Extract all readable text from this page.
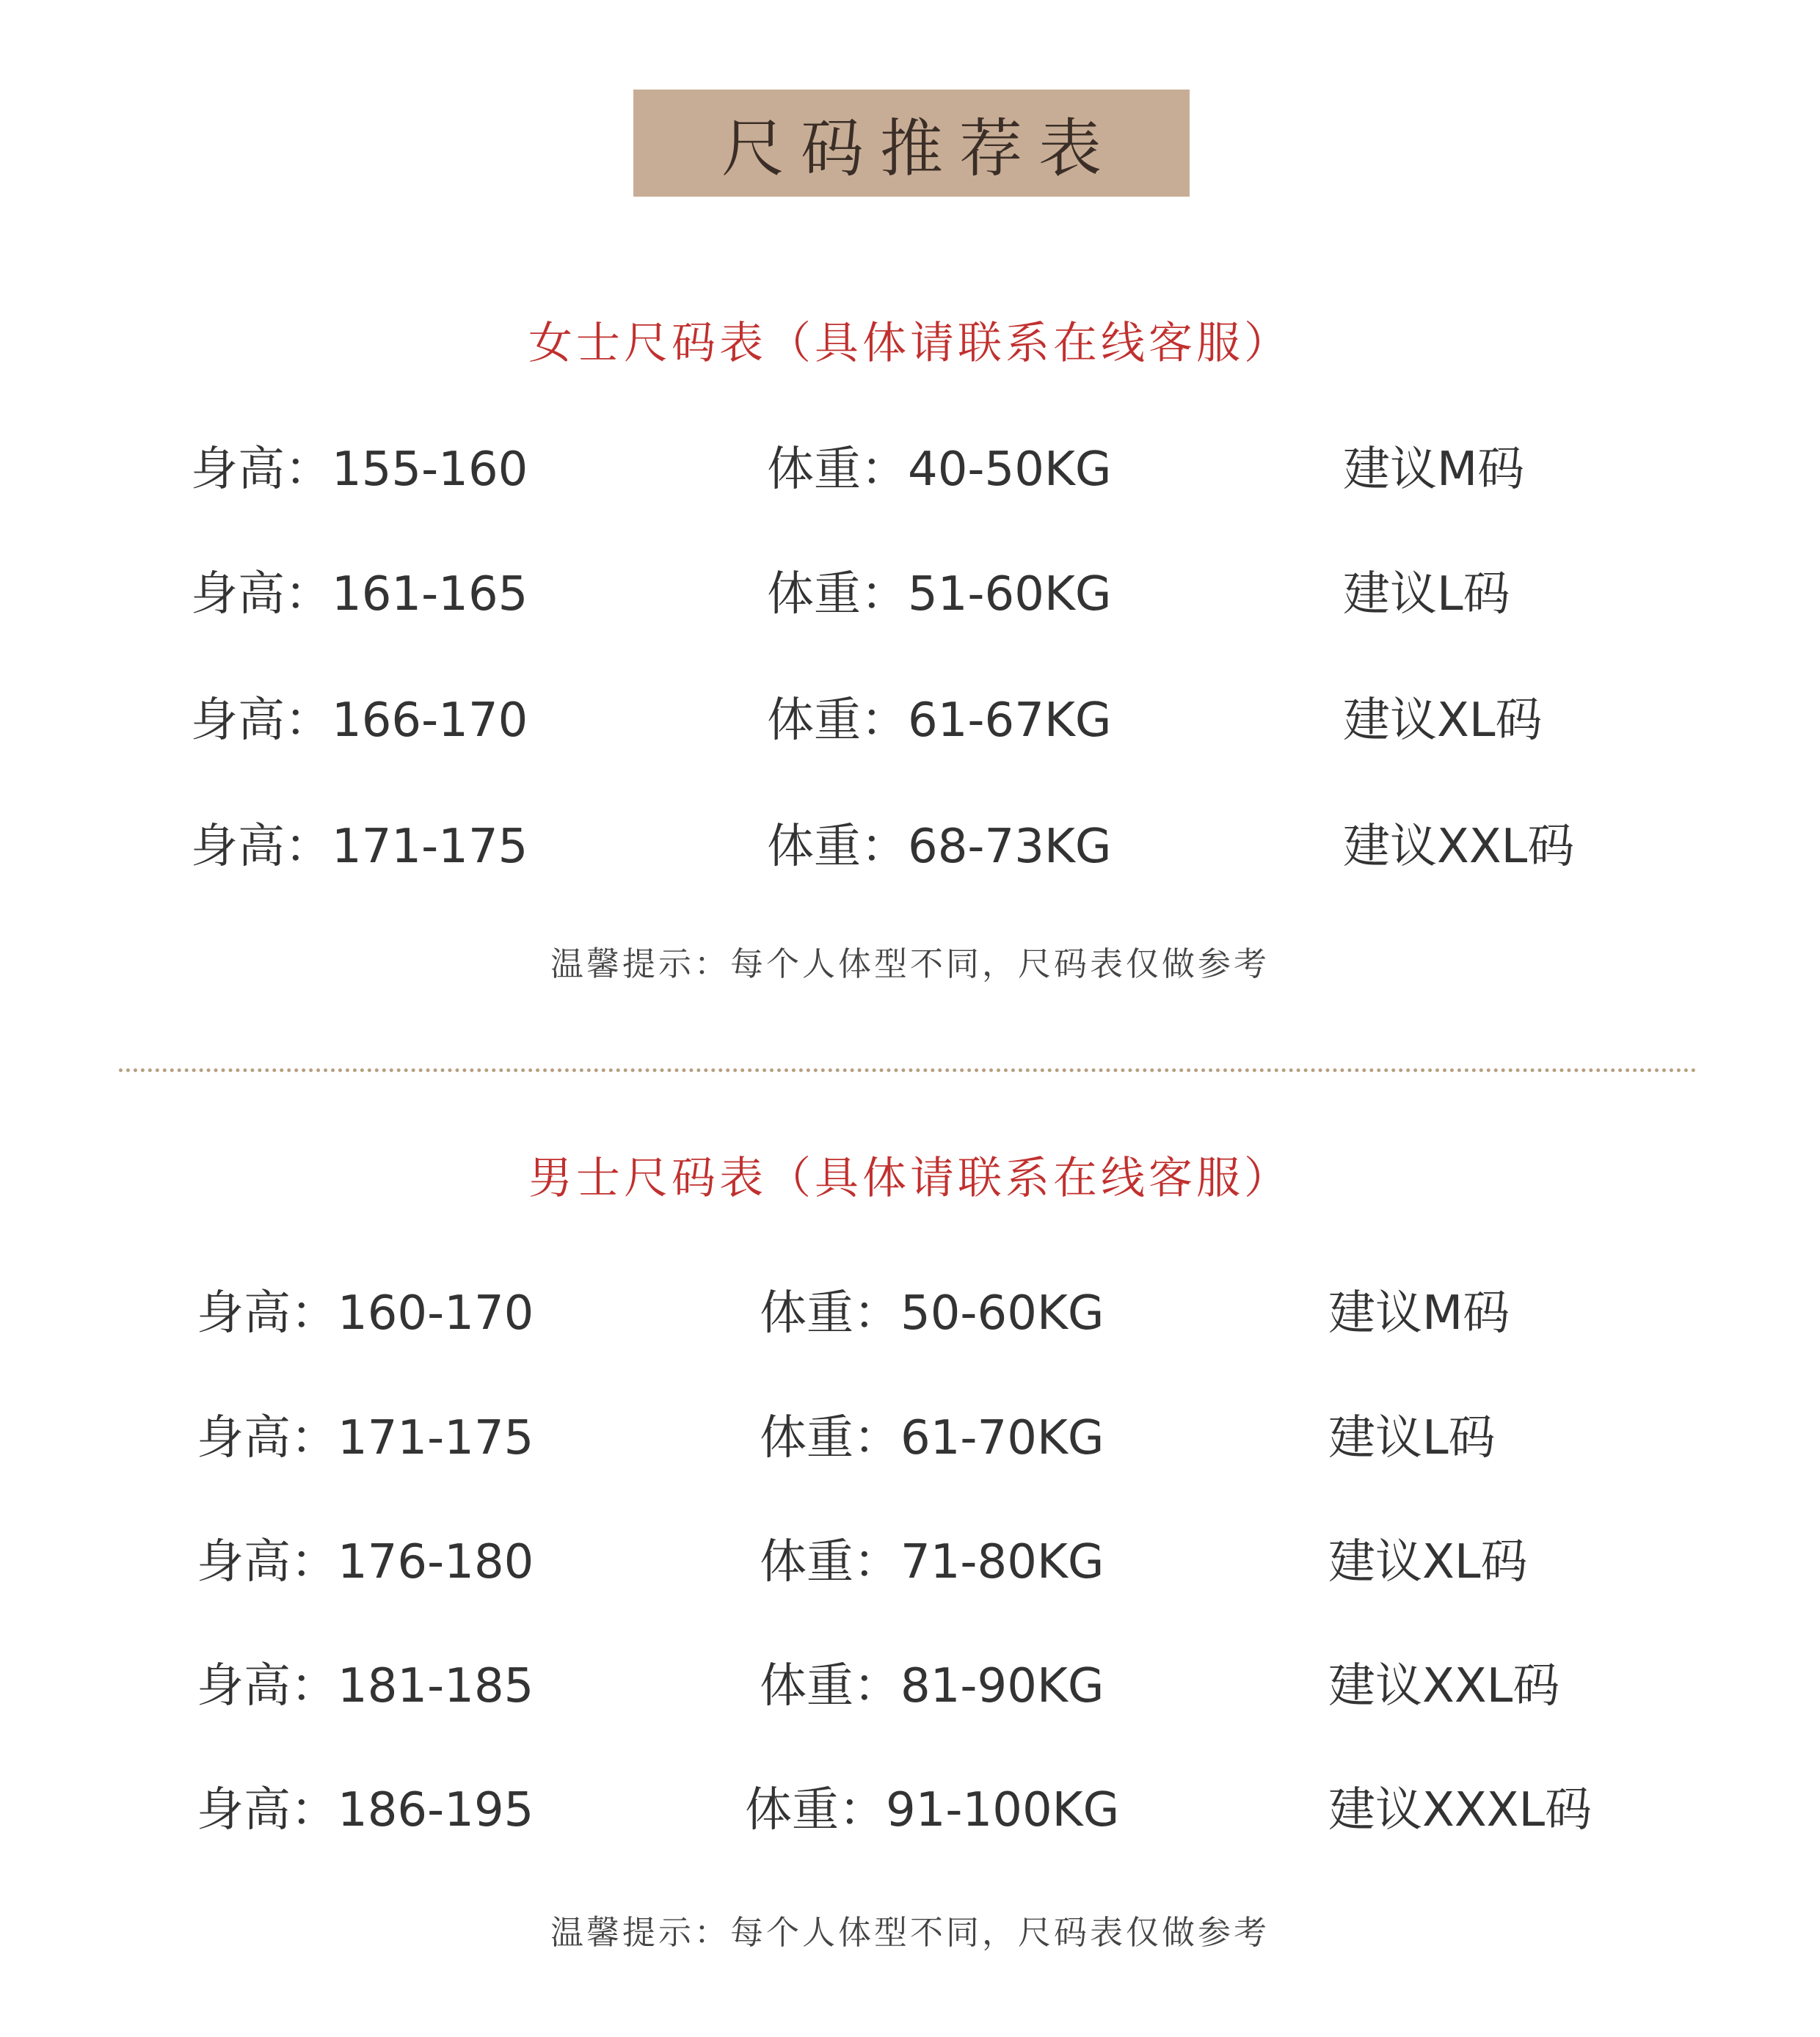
尺码推荐表
女士尺码表（具体请联系在线客服）
身高：155-160	体重：40-50KG	建议M码
身高：161-165	体重：51-60KG	建议L码
身高：166-170	体重：61-67KG	建议XL码
身高：171-175	体重：68-73KG	建议XXL码
温馨提示：每个人体型不同，尺码表仅做参考
男士尺码表（具体请联系在线客服）
身高：160-170	体重：50-60KG	建议M码
身高：171-175	体重：61-70KG	建议L码
身高：176-180	体重：71-80KG	建议XL码
身高：181-185	体重：81-90KG	建议XXL码
身高：186-195	体重：91-100KG	建议XXXL码
温馨提示：每个人体型不同，尺码表仅做参考
